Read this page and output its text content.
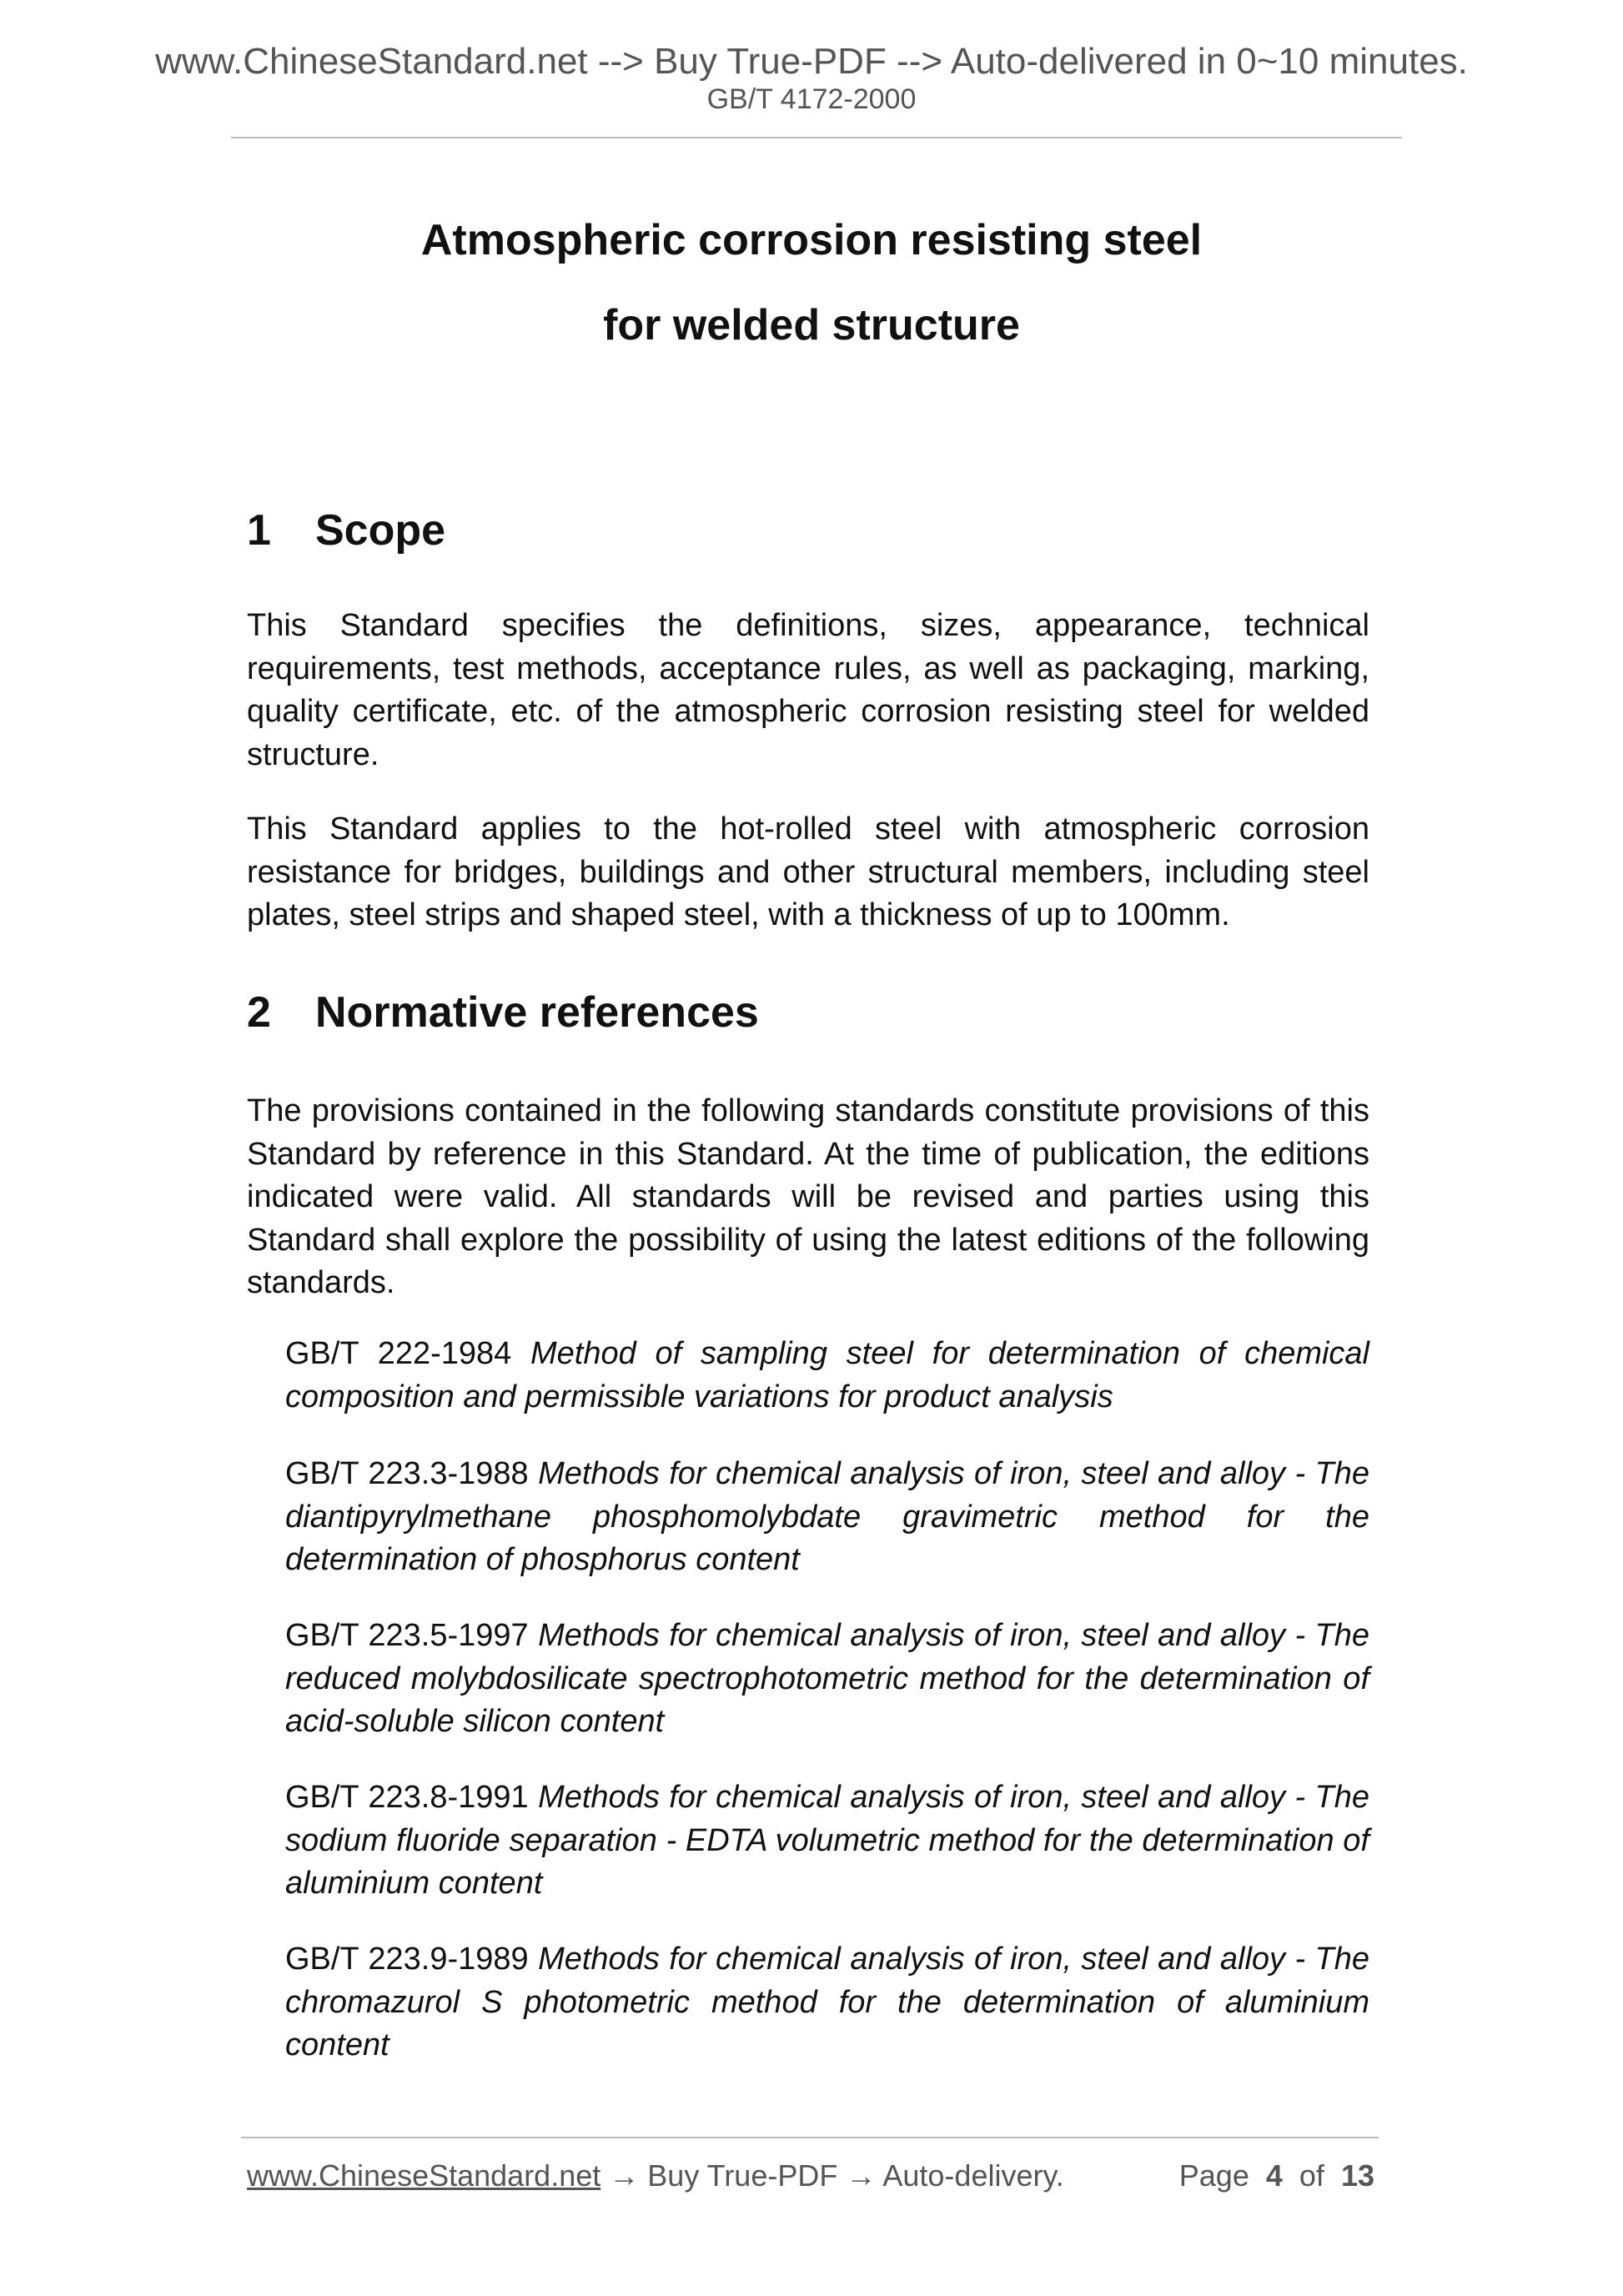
www.ChineseStandard.net --> Buy True-PDF --> Auto-delivered in 0~10 minutes.
GB/T 4172-2000
Atmospheric corrosion resisting steel
for welded structure
1 Scope

This Standard specifies the definitions, sizes, appearance, technical requirements, test methods, acceptance rules, as well as packaging, marking, quality certificate, etc. of the atmospheric corrosion resisting steel for welded structure.

This Standard applies to the hot-rolled steel with atmospheric corrosion resistance for bridges, buildings and other structural members, including steel plates, steel strips and shaped steel, with a thickness of up to 100mm.

2 Normative references

The provisions contained in the following standards constitute provisions of this Standard by reference in this Standard. At the time of publication, the editions indicated were valid. All standards will be revised and parties using this Standard shall explore the possibility of using the latest editions of the following standards.

GB/T 222-1984 Method of sampling steel for determination of chemical composition and permissible variations for product analysis

GB/T 223.3-1988 Methods for chemical analysis of iron, steel and alloy - The diantipyrylmethane phosphomolybdate gravimetric method for the determination of phosphorus content

GB/T 223.5-1997 Methods for chemical analysis of iron, steel and alloy - The reduced molybdosilicate spectrophotometric method for the determination of acid-soluble silicon content

GB/T 223.8-1991 Methods for chemical analysis of iron, steel and alloy - The sodium fluoride separation - EDTA volumetric method for the determination of aluminium content

GB/T 223.9-1989 Methods for chemical analysis of iron, steel and alloy - The chromazurol S photometric method for the determination of aluminium content

www.ChineseStandard.net → Buy True-PDF → Auto-delivery.	Page 4 of 13
